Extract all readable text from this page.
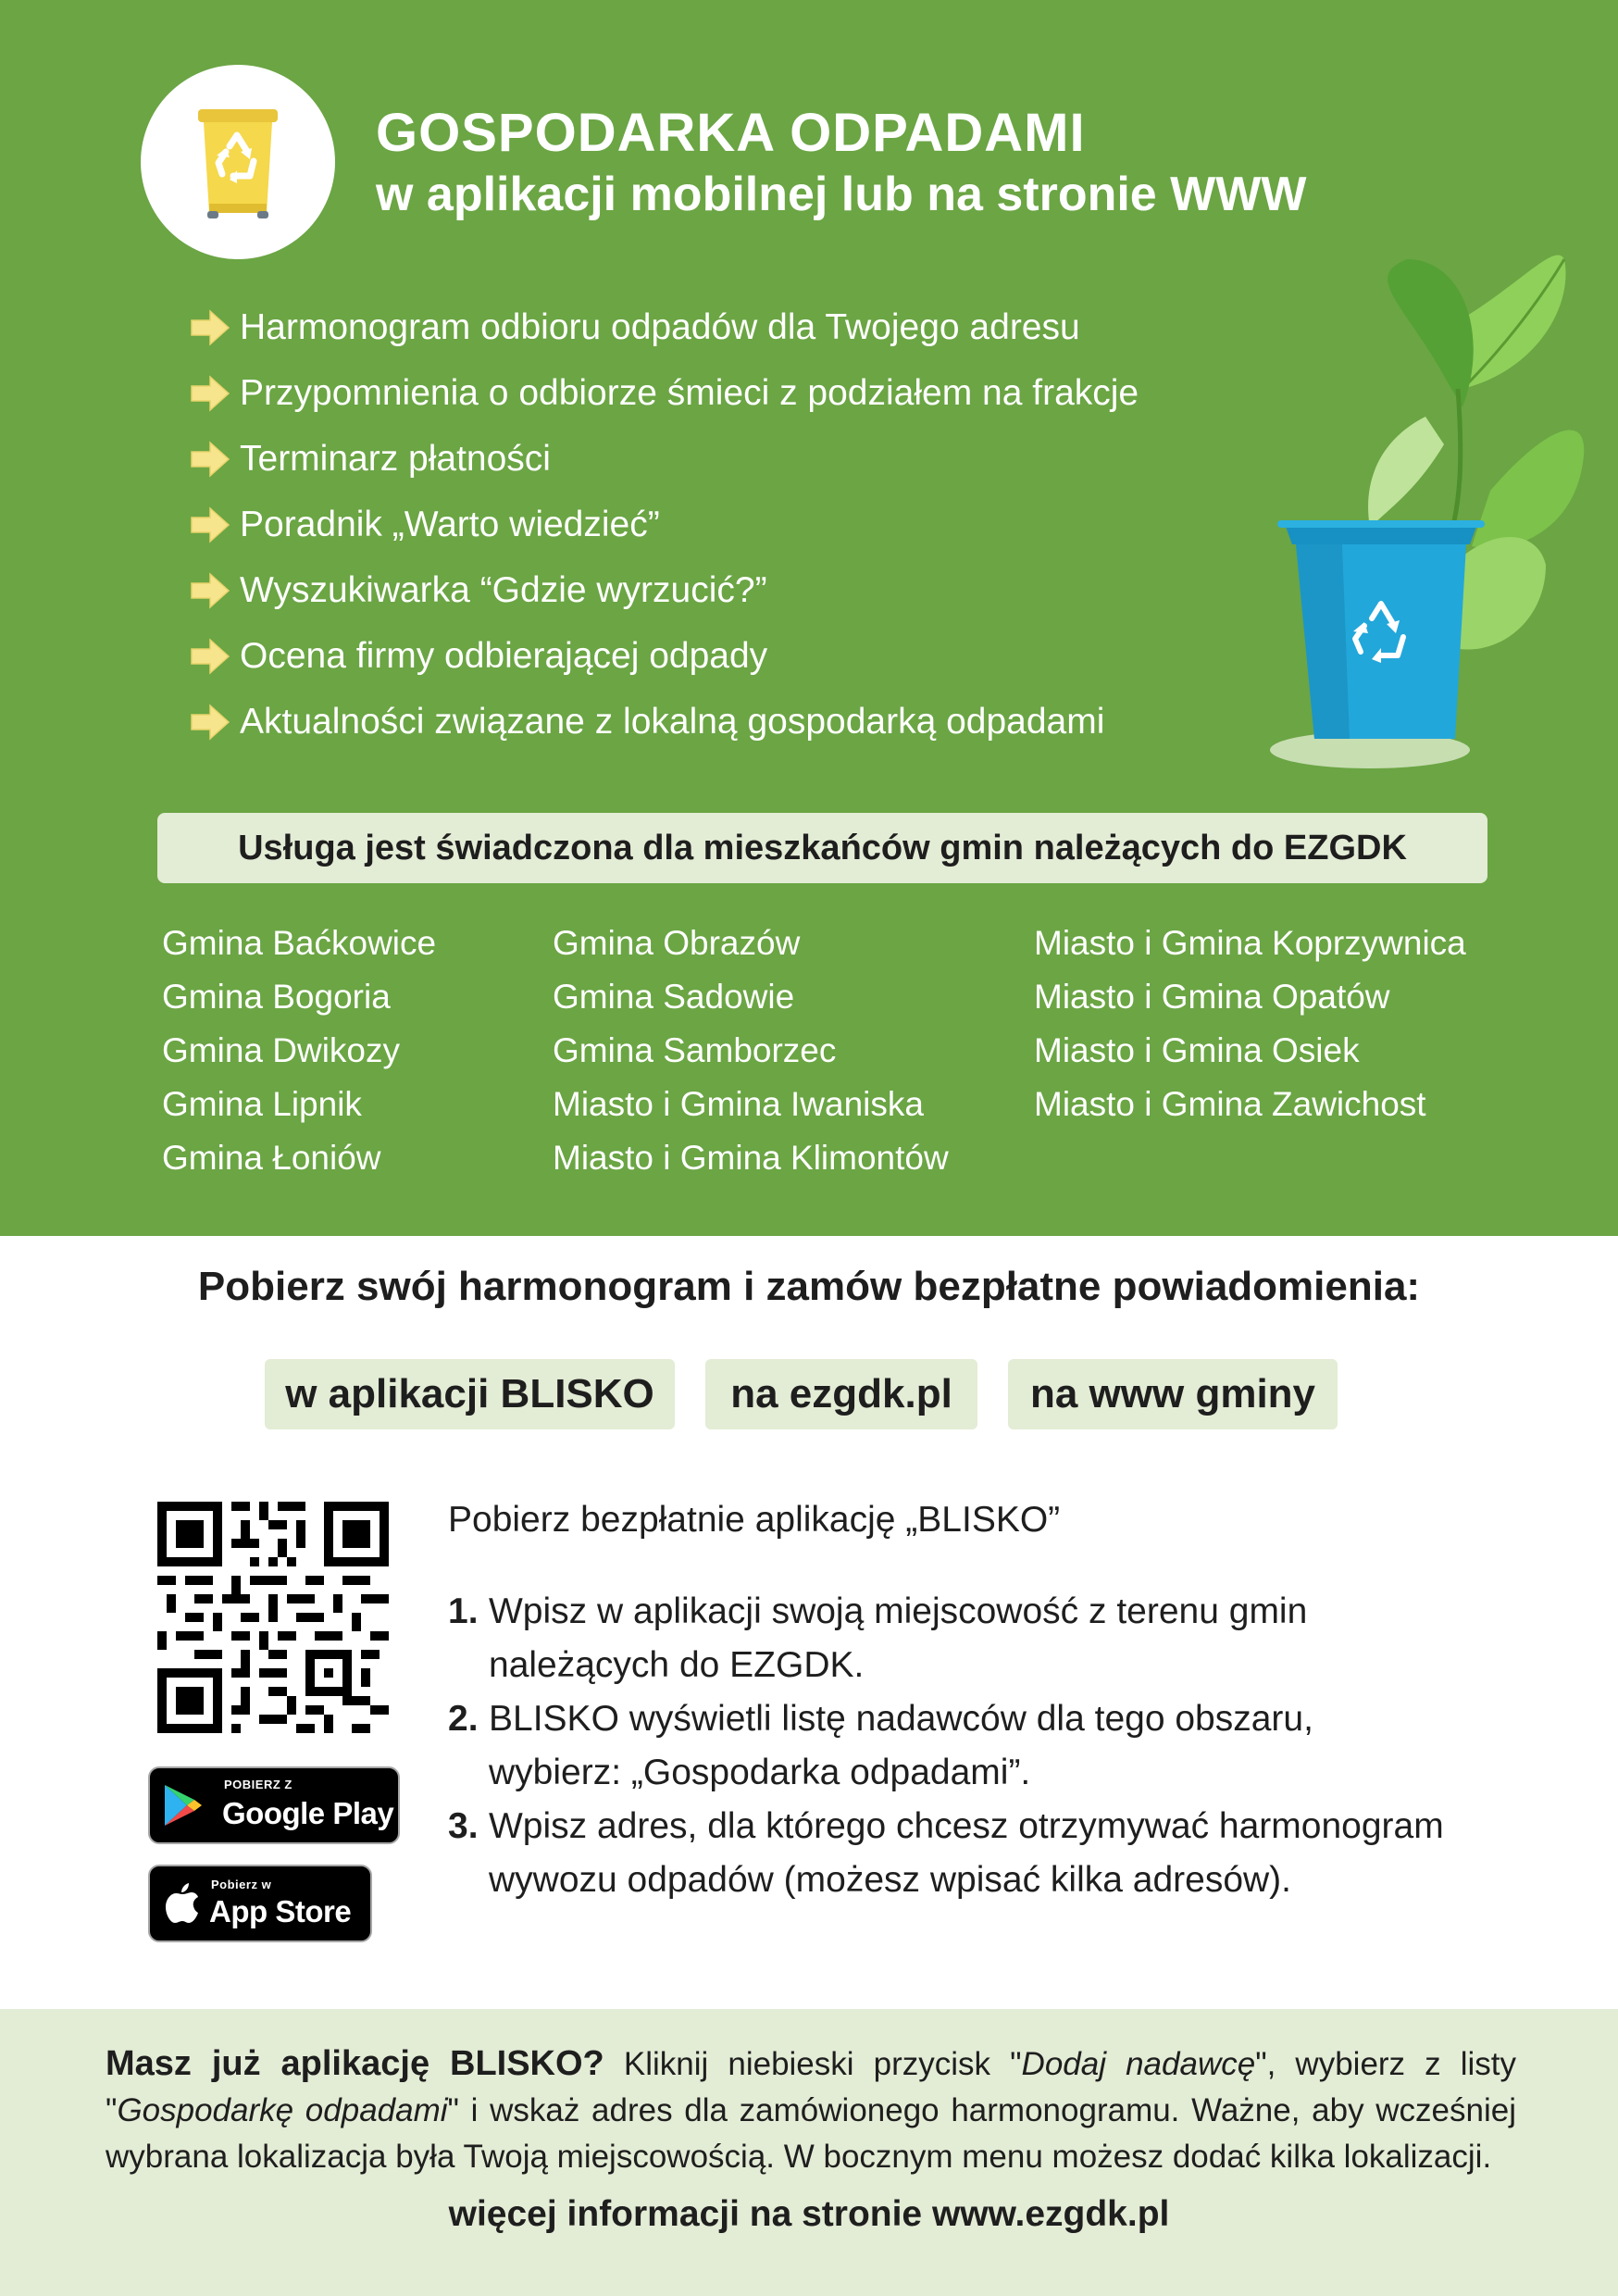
GOSPODARKA ODPADAMI
w aplikacji mobilnej lub na stronie WWW
Harmonogram odbioru odpadów dla Twojego adresu
Przypomnienia o odbiorze śmieci z podziałem na frakcje
Terminarz płatności
Poradnik „Warto wiedzieć”
Wyszukiwarka “Gdzie wyrzucić?”
Ocena firmy odbierającej odpady
Aktualności związane z lokalną gospodarką odpadami
Usługa jest świadczona dla mieszkańców gmin należących do EZGDK
Gmina Baćkowice
Gmina Bogoria
Gmina Dwikozy
Gmina Lipnik
Gmina Łoniów
Gmina Obrazów
Gmina Sadowie
Gmina Samborzec
Miasto i Gmina Iwaniska
Miasto i Gmina Klimontów
Miasto i Gmina Koprzywnica
Miasto i Gmina Opatów
Miasto i Gmina Osiek
Miasto i Gmina Zawichost
Pobierz swój harmonogram i zamów bezpłatne powiadomienia:
w aplikacji BLISKO	na ezgdk.pl	na www gminy
POBIERZ Z
Google Play
Pobierz w
App Store
Pobierz bezpłatnie aplikację „BLISKO”
1. Wpisz w aplikacji swoją miejscowość z terenu gmin
należących do EZGDK.
2. BLISKO wyświetli listę nadawców dla tego obszaru,
wybierz: „Gospodarka odpadami”.
3. Wpisz adres, dla którego chcesz otrzymywać harmonogram
wywozu odpadów (możesz wpisać kilka adresów).
Masz już aplikację BLISKO? Kliknij niebieski przycisk "Dodaj nadawcę", wybierz z listy "Gospodarkę odpadami" i wskaż adres dla zamówionego harmonogramu. Ważne, aby wcześniej wybrana lokalizacja była Twoją miejscowością. W bocznym menu możesz dodać kilka lokalizacji.
więcej informacji na stronie www.ezgdk.pl
